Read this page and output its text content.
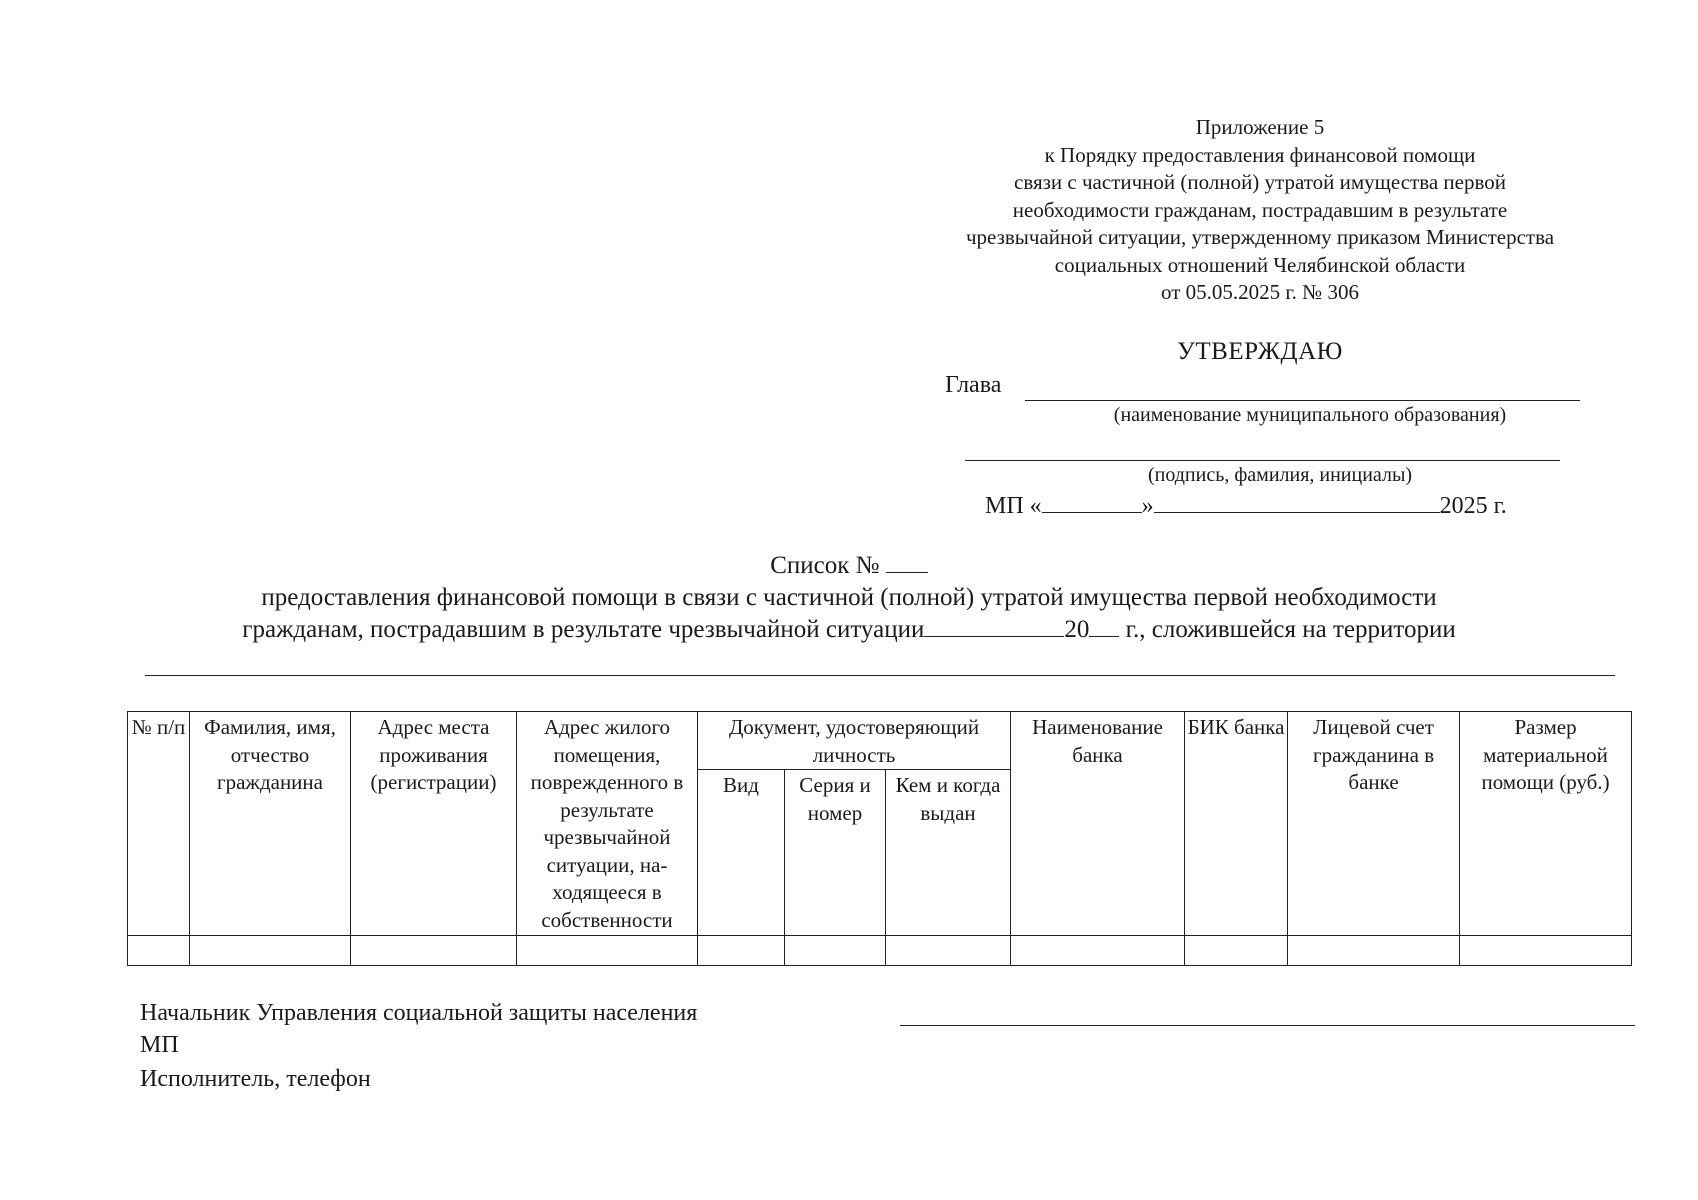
Приложение 5
к Порядку предоставления финансовой помощи
связи с частичной (полной) утратой имущества первой
необходимости гражданам, пострадавшим в результате
чрезвычайной ситуации, утвержденному приказом Министерства
социальных отношений Челябинской области
от 05.05.2025 г. № 306
УТВЕРЖДАЮ
Глава
(наименование муниципального образования)
(подпись, фамилия, инициалы)
МП «	»	2025 г.
Список №
предоставления финансовой помощи в связи с частичной (полной) утратой имущества первой необходимости
гражданам, пострадавшим в результате чрезвычайной ситуации	20 г., сложившейся на территории
№ п/п	Фамилия, имя, отчество гражданина	Адрес места проживания (регистрации)	Адрес жилого помещения, поврежденного в результате чрезвычайной ситуации, на-ходящееся в собственности	Документ, удостоверяющий личность			Наименование банка	БИК банка	Лицевой счет гражданина в банке	Размер материальной помощи (руб.)
				Вид	Серия и номер	Кем и когда выдан				

Начальник Управления социальной защиты населения
МП
Исполнитель, телефон
